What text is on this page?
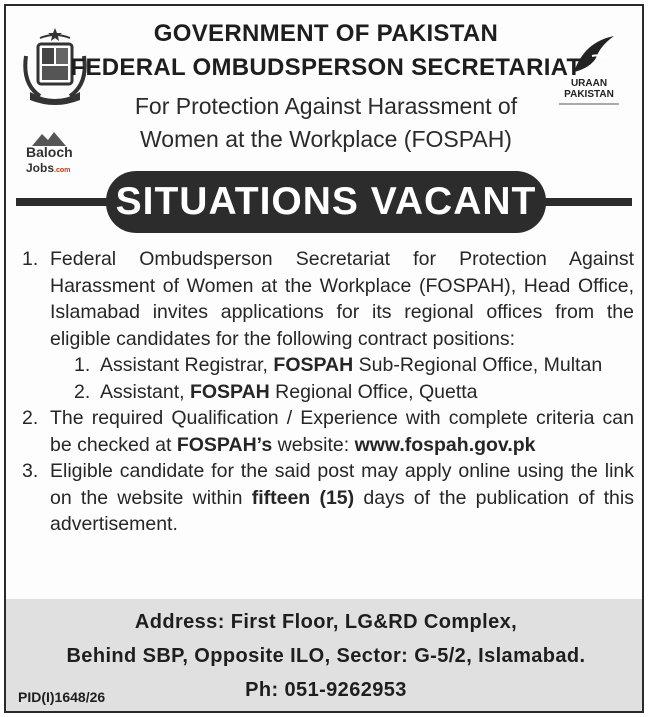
URAAN PAKISTAN
Baloch
Jobs.com
GOVERNMENT OF PAKISTAN
FEDERAL OMBUDSPERSON SECRETARIAT
For Protection Against Harassment of
Women at the Workplace (FOSPAH)
SITUATIONS VACANT
1. Federal Ombudsperson Secretariat for Protection Against Harassment of Women at the Workplace (FOSPAH), Head Office, Islamabad invites applications for its regional offices from the eligible candidates for the following contract positions:
1. Assistant Registrar, FOSPAH Sub-Regional Office, Multan
2. Assistant, FOSPAH Regional Office, Quetta
2. The required Qualification / Experience with complete criteria can be checked at FOSPAH’s website: www.fospah.gov.pk
3. Eligible candidate for the said post may apply online using the link on the website within fifteen (15) days of the publication of this advertisement.
Address: First Floor, LG&RD Complex,
Behind SBP, Opposite ILO, Sector: G-5/2, Islamabad.
Ph: 051-9262953
PID(I)1648/26
